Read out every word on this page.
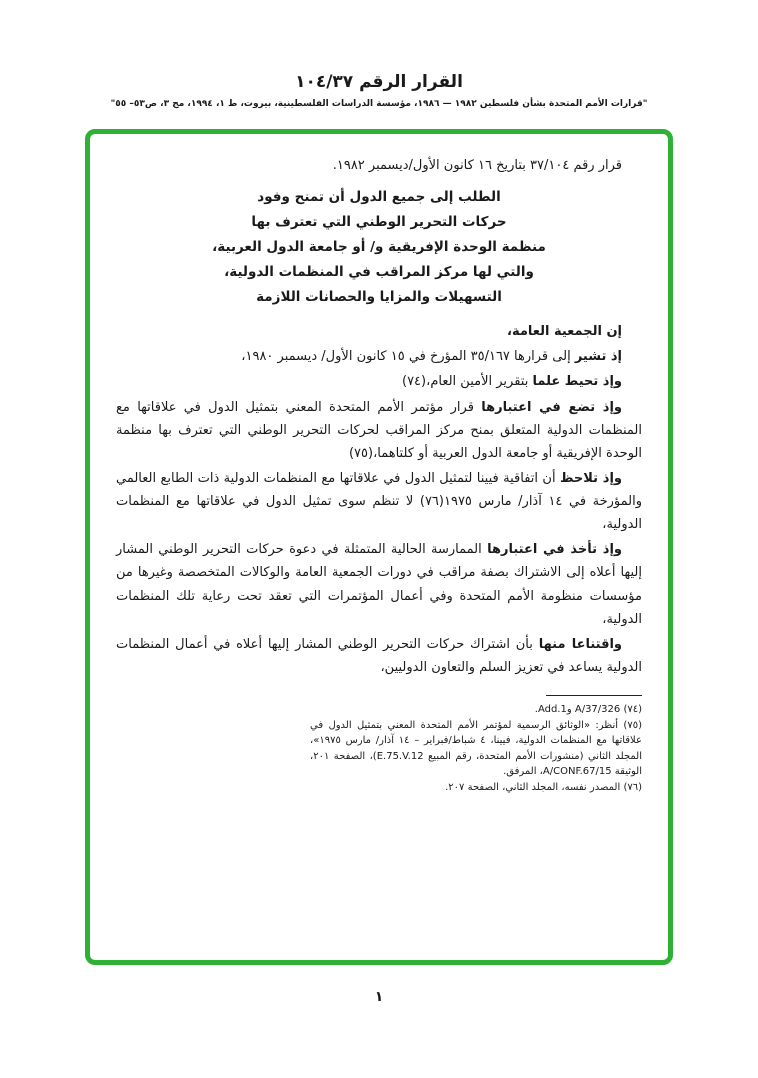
القرار الرقم ١٠٤/٣٧
"قرارات الأمم المتحدة بشأن فلسطين ١٩٨٢ — ١٩٨٦، مؤسسة الدراسات الفلسطينية، بيروت، ط ١، ١٩٩٤، مج ٣، ص٥٣– ٥٥"

قرار رقم ٣٧/١٠٤ بتاريخ ١٦ كانون الأول/ديسمبر ١٩٨٢.

الطلب إلى جميع الدول أن تمنح وفود
حركات التحرير الوطني التي تعترف بها
منظمة الوحدة الإفريقية و/ أو جامعة الدول العربية،
والتي لها مركز المراقب في المنظمات الدولية،
التسهيلات والمزايا والحصانات اللازمة

إن الجمعية العامة،

إذ تشير إلى قرارها ٣٥/١٦٧ المؤرخ في ١٥ كانون الأول/ ديسمبر ١٩٨٠،

وإذ تحيط علما بتقرير الأمين العام،(٧٤)

وإذ تضع في اعتبارها قرار مؤتمر الأمم المتحدة المعني بتمثيل الدول في علاقاتها مع المنظمات الدولية المتعلق بمنح مركز المراقب لحركات التحرير الوطني التي تعترف بها منظمة الوحدة الإفريقية أو جامعة الدول العربية أو كلتاهما،(٧٥)

وإذ تلاحظ أن اتفاقية فيينا لتمثيل الدول في علاقاتها مع المنظمات الدولية ذات الطابع العالمي والمؤرخة في ١٤ آذار/ مارس ١٩٧٥(٧٦) لا تنظم سوى تمثيل الدول في علاقاتها مع المنظمات الدولية،

وإذ تأخذ في اعتبارها الممارسة الحالية المتمثلة في دعوة حركات التحرير الوطني المشار إليها أعلاه إلى الاشتراك بصفة مراقب في دورات الجمعية العامة والوكالات المتخصصة وغيرها من مؤسسات منظومة الأمم المتحدة وفي أعمال المؤتمرات التي تعقد تحت رعاية تلك المنظمات الدولية،

واقتناعا منها بأن اشتراك حركات التحرير الوطني المشار إليها أعلاه في أعمال المنظمات الدولية يساعد في تعزيز السلم والتعاون الدوليين،

(٧٤) A/37/326 وAdd.1.

(٧٥) أنظر: «الوثائق الرسمية لمؤتمر الأمم المتحدة المعني بتمثيل الدول في علاقاتها مع المنظمات الدولية، فيينا، ٤ شباط/فبراير – ١٤ آذار/ مارس ١٩٧٥»، المجلد الثاني (منشورات الأمم المتحدة، رقم المبيع E.75.V.12)، الصفحة ٢٠١، الوثيقة A/CONF.67/15، المرفق.

(٧٦) المصدر نفسه، المجلد الثاني، الصفحة ٢٠٧.

١
